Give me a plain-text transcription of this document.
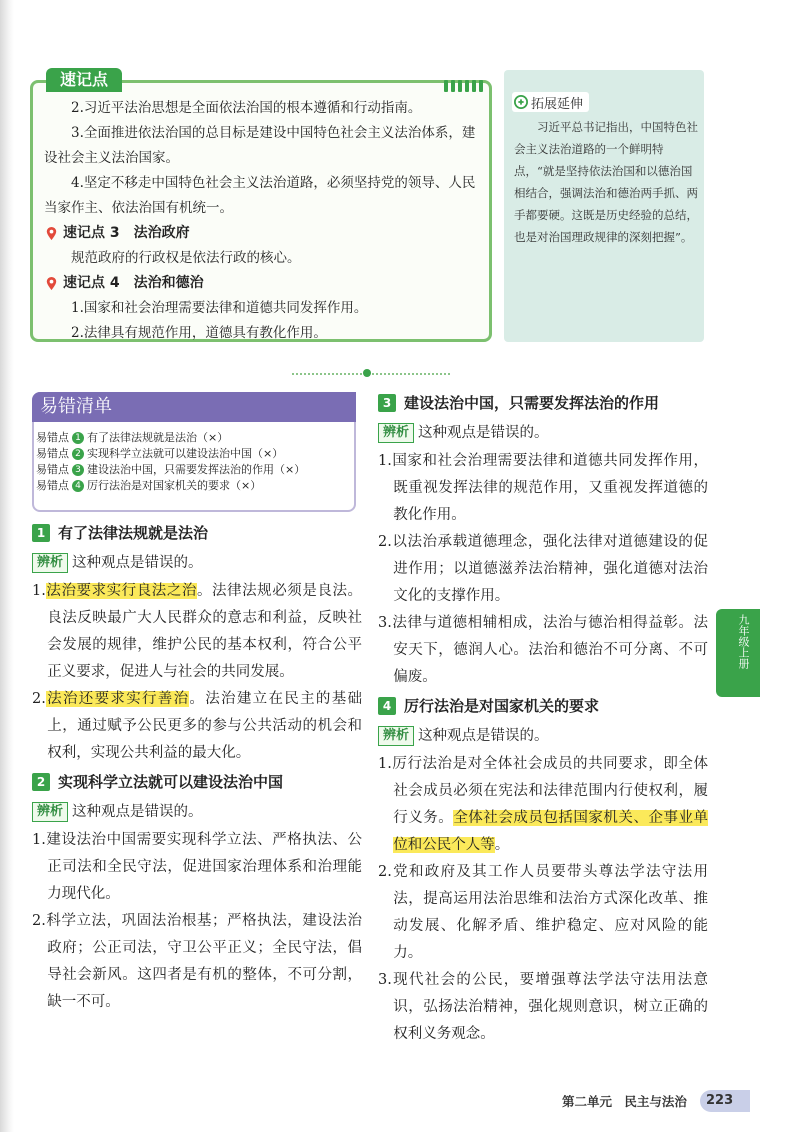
速记点

2.习近平法治思想是全面依法治国的根本遵循和行动指南。

3.全面推进依法治国的总目标是建设中国特色社会主义法治体系，建设社会主义法治国家。

4.坚定不移走中国特色社会主义法治道路，必须坚持党的领导、人民当家作主、依法治国有机统一。

速记点 3　法治政府
规范政府的行政权是依法行政的核心。
速记点 4　法治和德治
1.国家和社会治理需要法律和道德共同发挥作用。
2.法律具有规范作用，道德具有教化作用。
拓展延伸
习近平总书记指出，中国特色社会主义法治道路的一个鲜明特点，“就是坚持依法治国和以德治国相结合，强调法治和德治两手抓、两手都要硬。这既是历史经验的总结，也是对治国理政规律的深刻把握”。
易错清单
易错点 1 有了法律法规就是法治（×）
易错点 2 实现科学立法就可以建设法治中国（×）
易错点 3 建设法治中国，只需要发挥法治的作用（×）
易错点 4 厉行法治是对国家机关的要求（×）
1 有了法律法规就是法治
辨析 这种观点是错误的。

1.法治要求实行良法之治。法律法规必须是良法。良法反映最广大人民群众的意志和利益，反映社会发展的规律，维护公民的基本权利，符合公平正义要求，促进人与社会的共同发展。

2.法治还要求实行善治。法治建立在民主的基础上，通过赋予公民更多的参与公共活动的机会和权利，实现公共利益的最大化。

2 实现科学立法就可以建设法治中国
辨析 这种观点是错误的。

1.建设法治中国需要实现科学立法、严格执法、公正司法和全民守法，促进国家治理体系和治理能力现代化。

2.科学立法，巩固法治根基；严格执法，建设法治政府；公正司法，守卫公平正义；全民守法，倡导社会新风。这四者是有机的整体，不可分割，缺一不可。

3 建设法治中国，只需要发挥法治的作用
辨析 这种观点是错误的。

1.国家和社会治理需要法律和道德共同发挥作用，既重视发挥法律的规范作用，又重视发挥道德的教化作用。

2.以法治承载道德理念，强化法律对道德建设的促进作用；以道德滋养法治精神，强化道德对法治文化的支撑作用。

3.法律与道德相辅相成，法治与德治相得益彰。法安天下，德润人心。法治和德治不可分离、不可偏废。

4 厉行法治是对国家机关的要求
辨析 这种观点是错误的。

1.厉行法治是对全体社会成员的共同要求，即全体社会成员必须在宪法和法律范围内行使权利，履行义务。全体社会成员包括国家机关、企事业单位和公民个人等。

2.党和政府及其工作人员要带头尊法学法守法用法，提高运用法治思维和法治方式深化改革、推动发展、化解矛盾、维护稳定、应对风险的能力。

3.现代社会的公民，要增强尊法学法守法用法意识，弘扬法治精神，强化规则意识，树立正确的权利义务观念。

九年级上册
第二单元 民主与法治	223
